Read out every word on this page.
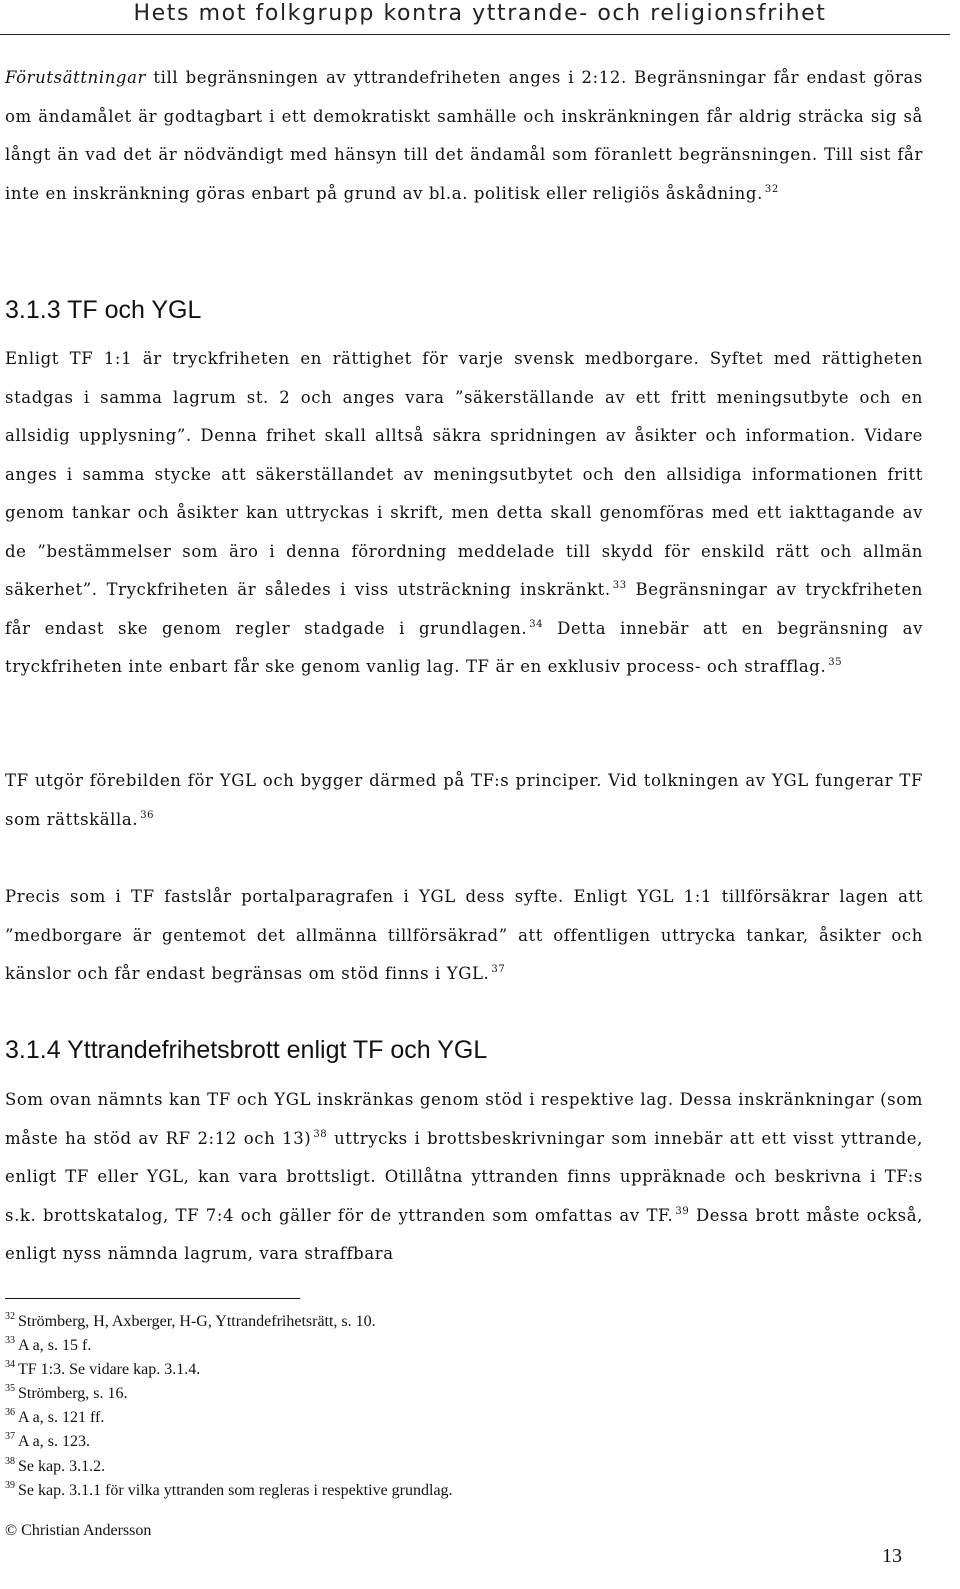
Hets mot folkgrupp kontra yttrande- och religionsfrihet

Förutsättningar till begränsningen av yttrandefriheten anges i 2:12. Begränsningar får endast göras om ändamålet är godtagbart i ett demokratiskt samhälle och inskränkningen får aldrig sträcka sig så långt än vad det är nödvändigt med hänsyn till det ändamål som föranlett begränsningen. Till sist får inte en inskränkning göras enbart på grund av bl.a. politisk eller religiös åskådning. $^{32}$

3.1.3 TF och YGL

Enligt TF 1:1 är tryckfriheten en rättighet för varje svensk medborgare. Syftet med rättigheten stadgas i samma lagrum st. 2 och anges vara ”säkerställande av ett fritt meningsutbyte och en allsidig upplysning”. Denna frihet skall alltså säkra spridningen av åsikter och information. Vidare anges i samma stycke att säkerställandet av meningsutbytet och den allsidiga informationen fritt genom tankar och åsikter kan uttryckas i skrift, men detta skall genomföras med ett iakttagande av de ”bestämmelser som äro i denna förordning meddelade till skydd för enskild rätt och allmän säkerhet”. Tryckfriheten är således i viss utsträckning inskränkt. $^{33}$ Begränsningar av tryckfriheten får endast ske genom regler stadgade i grundlagen. $^{34}$ Detta innebär att en begränsning av tryckfriheten inte enbart får ske genom vanlig lag. TF är en exklusiv process- och strafflag. $^{35}$

TF utgör förebilden för YGL och bygger därmed på TF:s principer. Vid tolkningen av YGL fungerar TF som rättskälla. $^{36}$

Precis som i TF fastslår portalparagrafen i YGL dess syfte. Enligt YGL 1:1 tillförsäkrar lagen att ”medborgare är gentemot det allmänna tillförsäkrad” att offentligen uttrycka tankar, åsikter och känslor och får endast begränsas om stöd finns i YGL. $^{37}$

3.1.4 Yttrandefrihetsbrott enligt TF och YGL

Som ovan nämnts kan TF och YGL inskränkas genom stöd i respektive lag. Dessa inskränkningar (som måste ha stöd av RF 2:12 och 13) $^{38}$ uttrycks i brottsbeskrivningar som innebär att ett visst yttrande, enligt TF eller YGL, kan vara brottsligt. Otillåtna yttranden finns uppräknade och beskrivna i TF:s s.k. brottskatalog, TF 7:4 och gäller för de yttranden som omfattas av TF. $^{39}$ Dessa brott måste också, enligt nyss nämnda lagrum, vara straffbara

$^{32}$ Strömberg, H, Axberger, H-G, Yttrandefrihetsrätt, s. 10.
$^{33}$ A a, s. 15 f.
$^{34}$ TF 1:3. Se vidare kap. 3.1.4.
$^{35}$ Strömberg, s. 16.
$^{36}$ A a, s. 121 ff.
$^{37}$ A a, s. 123.
$^{38}$ Se kap. 3.1.2.
$^{39}$ Se kap. 3.1.1 för vilka yttranden som regleras i respektive grundlag.
© Christian Andersson
13
